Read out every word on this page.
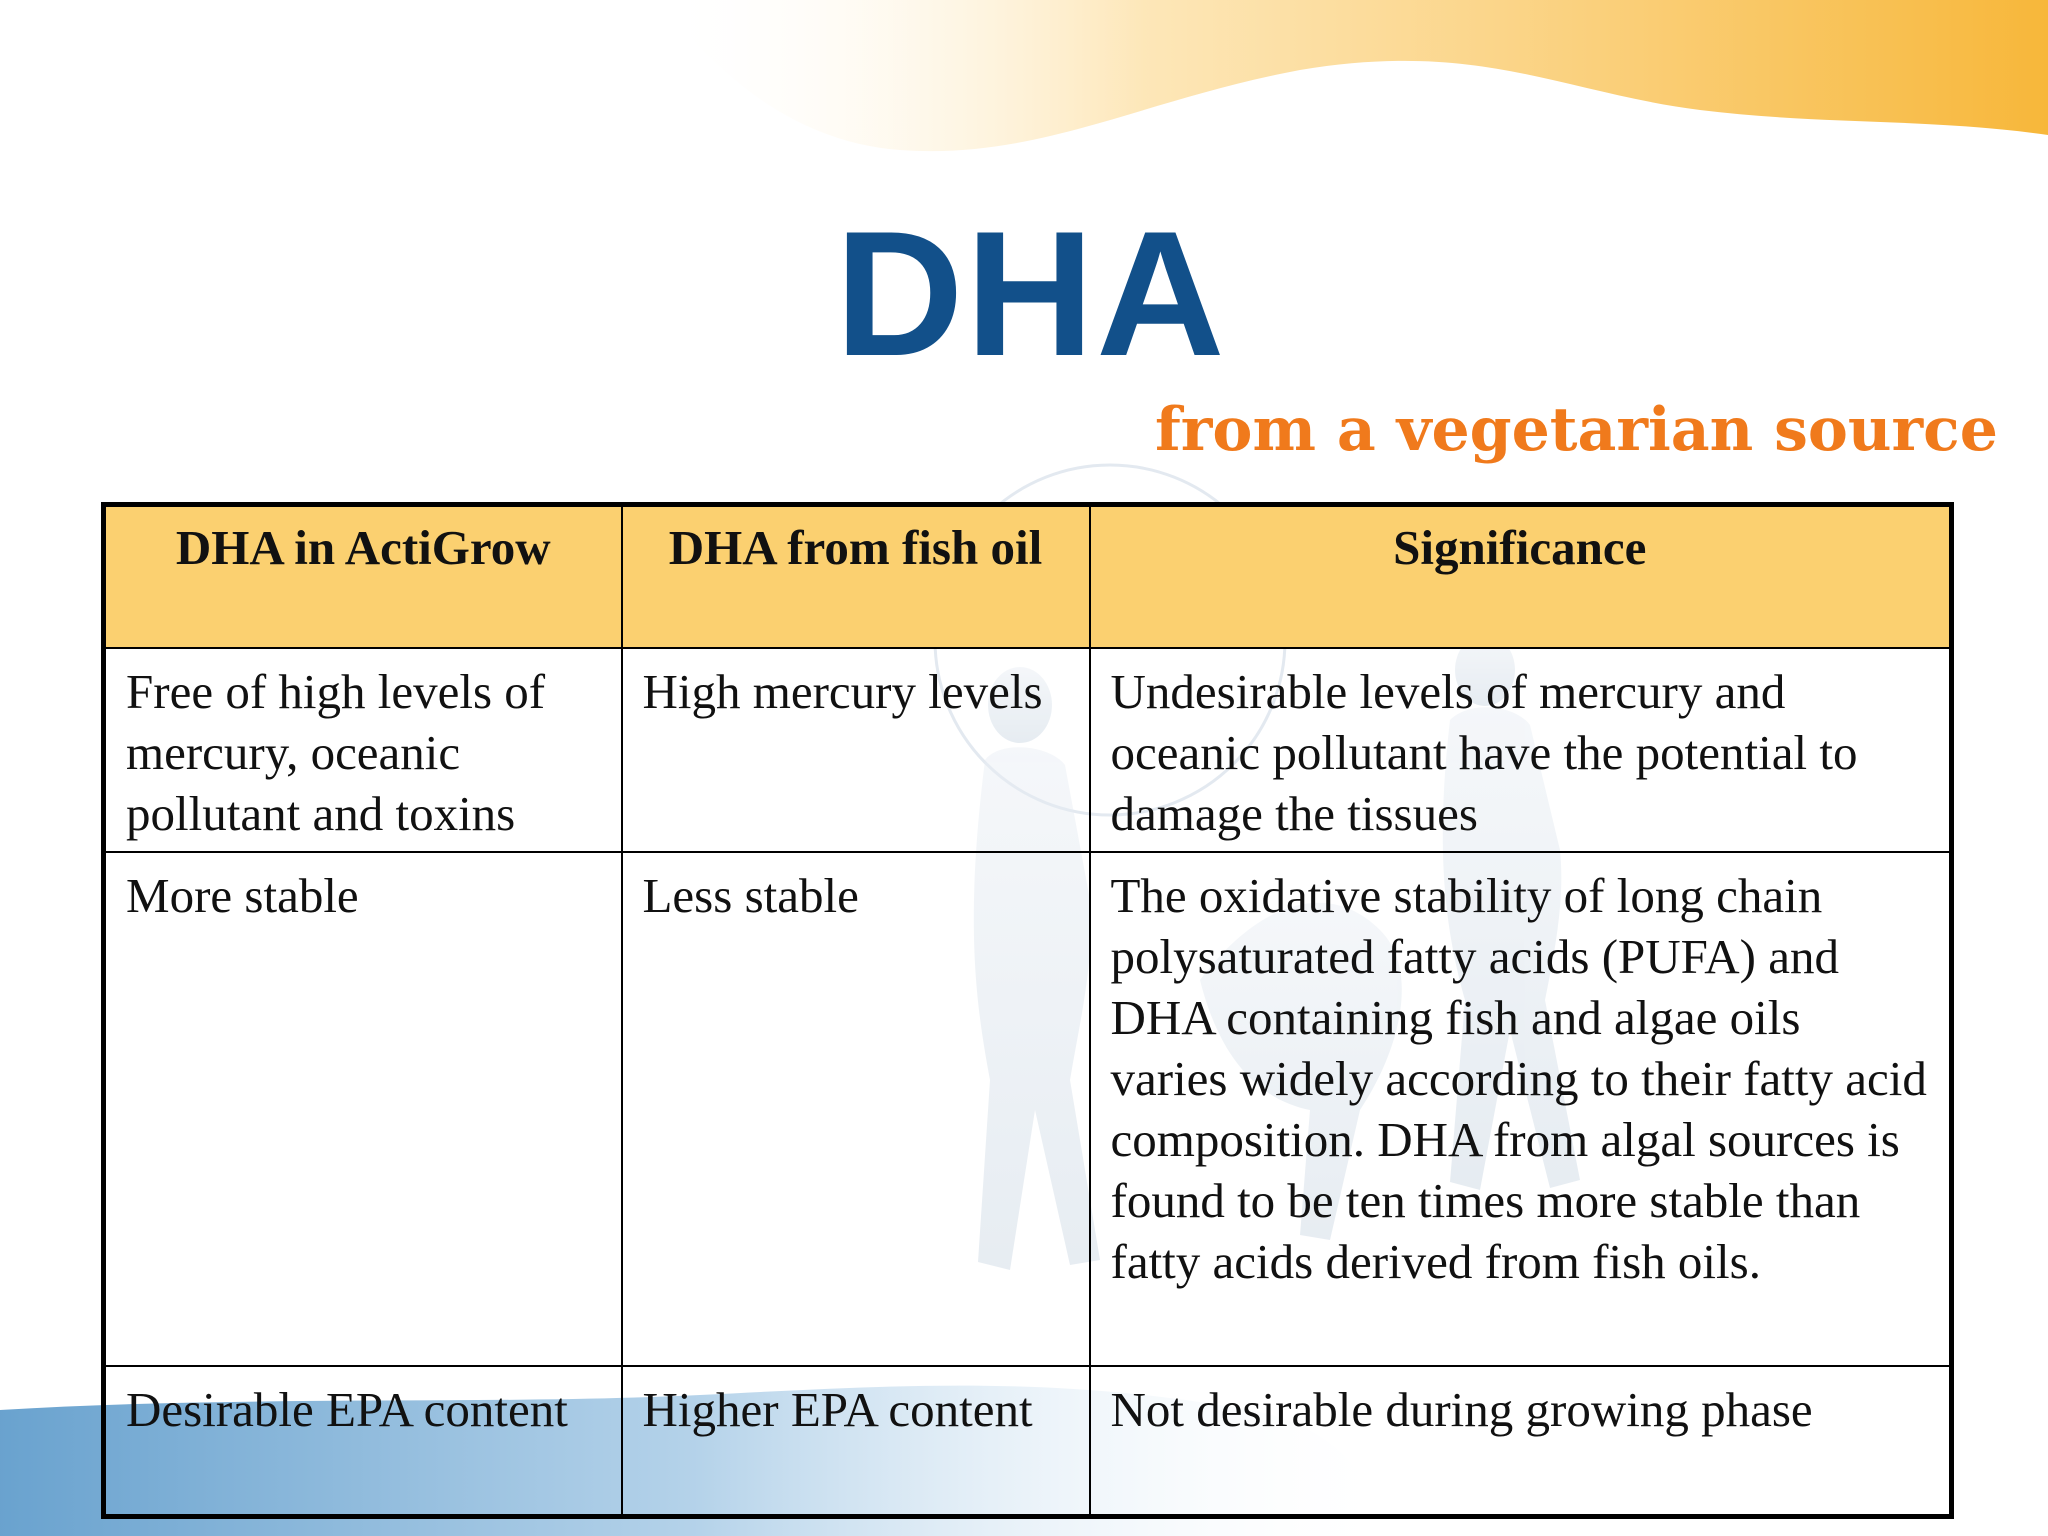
DHA
from a vegetarian source
DHA in ActiGrow	DHA from fish oil	Significance
Free of high levels of mercury, oceanic pollutant and toxins	High mercury levels	Undesirable levels of mercury and oceanic pollutant have the potential to damage the tissues
More stable	Less stable	The oxidative stability of long chain polysaturated fatty acids (PUFA) and DHA containing fish and algae oils varies widely according to their fatty acid composition. DHA from algal sources is found to be ten times more stable than fatty acids derived from fish oils.
Desirable EPA content	Higher EPA content	Not desirable during growing phase
